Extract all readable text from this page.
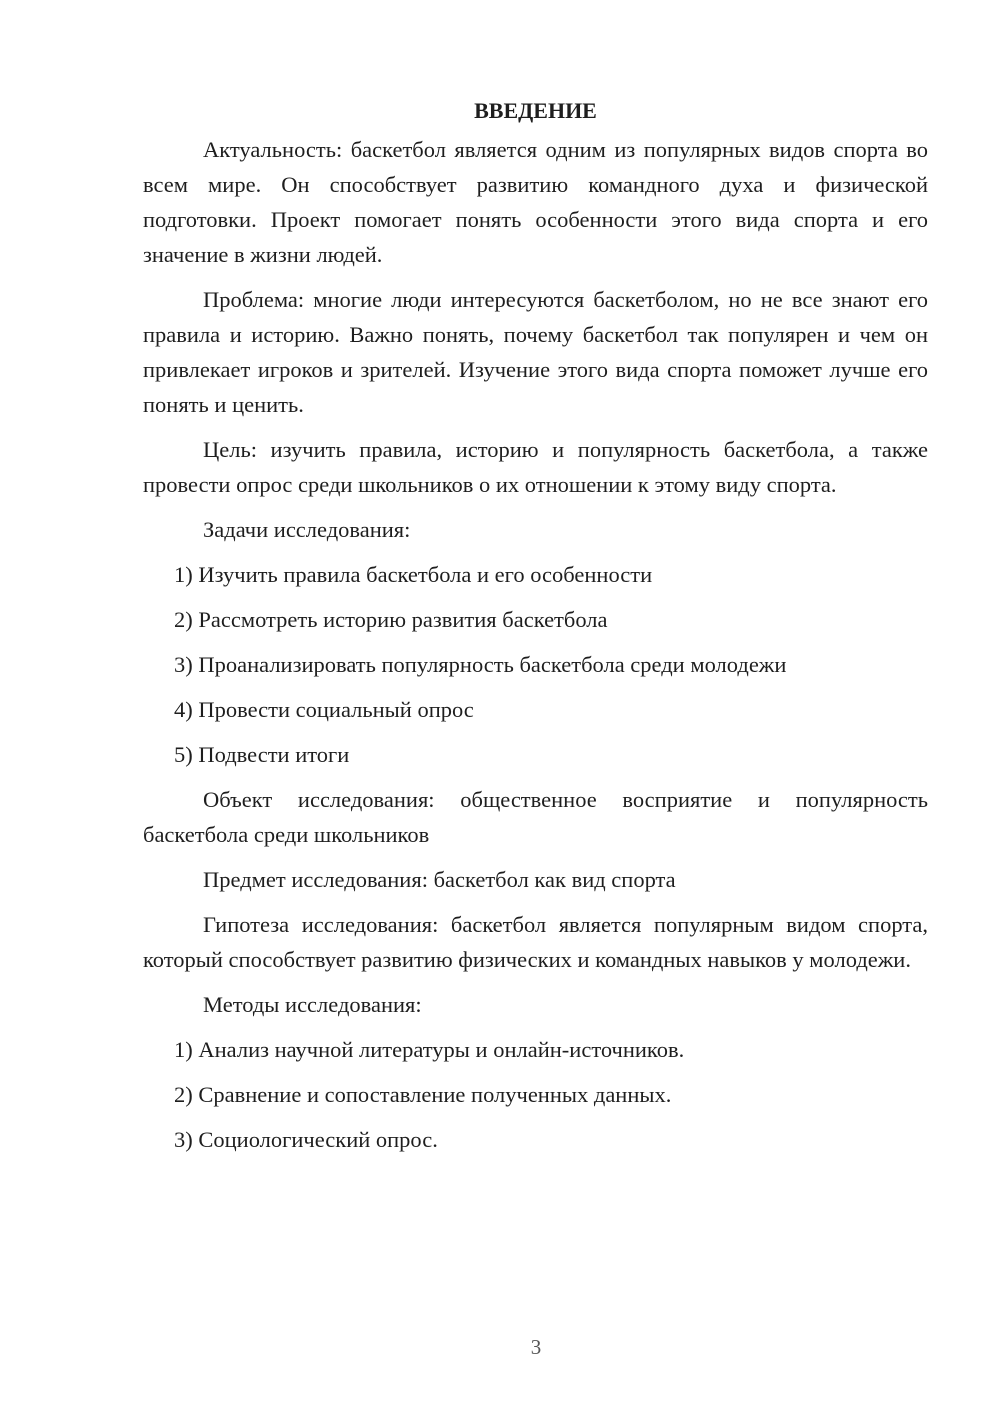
ВВЕДЕНИЕ

Актуальность: баскетбол является одним из популярных видов спорта во всем мире. Он способствует развитию командного духа и физической подготовки. Проект помогает понять особенности этого вида спорта и его значение в жизни людей.

Проблема: многие люди интересуются баскетболом, но не все знают его правила и историю. Важно понять, почему баскетбол так популярен и чем он привлекает игроков и зрителей. Изучение этого вида спорта поможет лучше его понять и ценить.

Цель: изучить правила, историю и популярность баскетбола, а также провести опрос среди школьников о их отношении к этому виду спорта.

Задачи исследования:

1) Изучить правила баскетбола и его особенности
2) Рассмотреть историю развития баскетбола
3) Проанализировать популярность баскетбола среди молодежи
4) Провести социальный опрос
5) Подвести итоги

Объект исследования: общественное восприятие и популярность баскетбола среди школьников

Предмет исследования: баскетбол как вид спорта

Гипотеза исследования: баскетбол является популярным видом спорта, который способствует развитию физических и командных навыков у молодежи.

Методы исследования:

1) Анализ научной литературы и онлайн-источников.
2) Сравнение и сопоставление полученных данных.
3) Социологический опрос.
3
